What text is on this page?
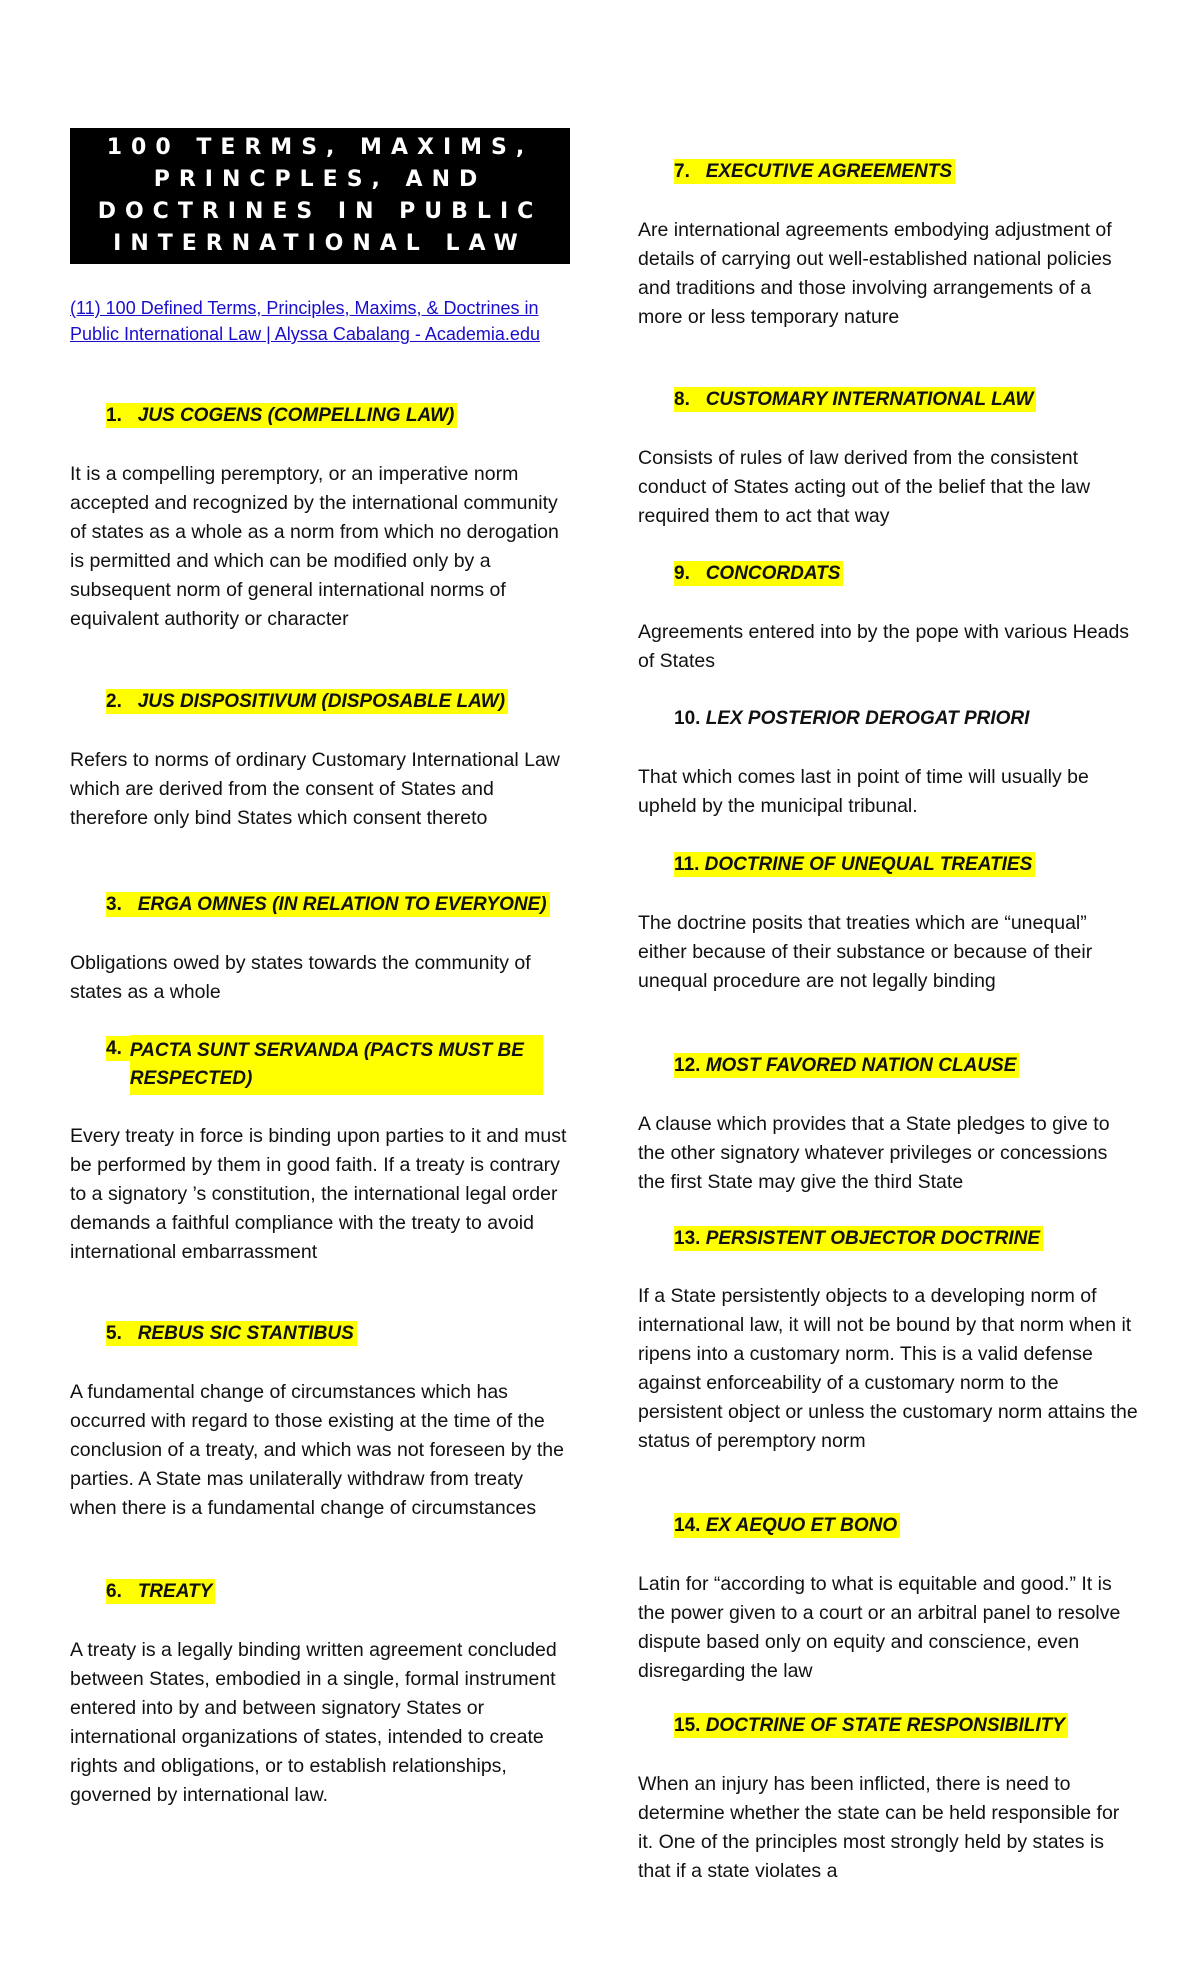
100 TERMS, MAXIMS,
PRINCPLES, AND
DOCTRINES IN PUBLIC
INTERNATIONAL LAW
(11) 100 Defined Terms, Principles, Maxims, & Doctrines in Public International Law | Alyssa Cabalang - Academia.edu
1. JUS COGENS (COMPELLING LAW)

It is a compelling peremptory, or an imperative norm accepted and recognized by the international community of states as a whole as a norm from which no derogation is permitted and which can be modified only by a subsequent norm of general international norms of equivalent authority or character

2. JUS DISPOSITIVUM (DISPOSABLE LAW)

Refers to norms of ordinary Customary International Law which are derived from the consent of States and therefore only bind States which consent thereto

3. ERGA OMNES (IN RELATION TO EVERYONE)

Obligations owed by states towards the community of states as a whole

4. PACTA SUNT SERVANDA (PACTS MUST BE RESPECTED)

Every treaty in force is binding upon parties to it and must be performed by them in good faith. If a treaty is contrary to a signatory ’s constitution, the international legal order demands a faithful compliance with the treaty to avoid international embarrassment

5. REBUS SIC STANTIBUS

A fundamental change of circumstances which has occurred with regard to those existing at the time of the conclusion of a treaty, and which was not foreseen by the parties. A State mas unilaterally withdraw from treaty when there is a fundamental change of circumstances

6. TREATY

A treaty is a legally binding written agreement concluded between States, embodied in a single, formal instrument entered into by and between signatory States or international organizations of states, intended to create rights and obligations, or to establish relationships, governed by international law.

7. EXECUTIVE AGREEMENTS

Are international agreements embodying adjustment of details of carrying out well-established national policies and traditions and those involving arrangements of a more or less temporary nature

8. CUSTOMARY INTERNATIONAL LAW

Consists of rules of law derived from the consistent conduct of States acting out of the belief that the law required them to act that way

9. CONCORDATS

Agreements entered into by the pope with various Heads of States

10. LEX POSTERIOR DEROGAT PRIORI

That which comes last in point of time will usually be upheld by the municipal tribunal.

11. DOCTRINE OF UNEQUAL TREATIES

The doctrine posits that treaties which are “unequal” either because of their substance or because of their unequal procedure are not legally binding

12. MOST FAVORED NATION CLAUSE

A clause which provides that a State pledges to give to the other signatory whatever privileges or concessions the first State may give the third State

13. PERSISTENT OBJECTOR DOCTRINE

If a State persistently objects to a developing norm of international law, it will not be bound by that norm when it ripens into a customary norm. This is a valid defense against enforceability of a customary norm to the persistent object or unless the customary norm attains the status of peremptory norm

14. EX AEQUO ET BONO

Latin for “according to what is equitable and good.” It is the power given to a court or an arbitral panel to resolve dispute based only on equity and conscience, even disregarding the law

15. DOCTRINE OF STATE RESPONSIBILITY

When an injury has been inflicted, there is need to determine whether the state can be held responsible for it. One of the principles most strongly held by states is that if a state violates a
